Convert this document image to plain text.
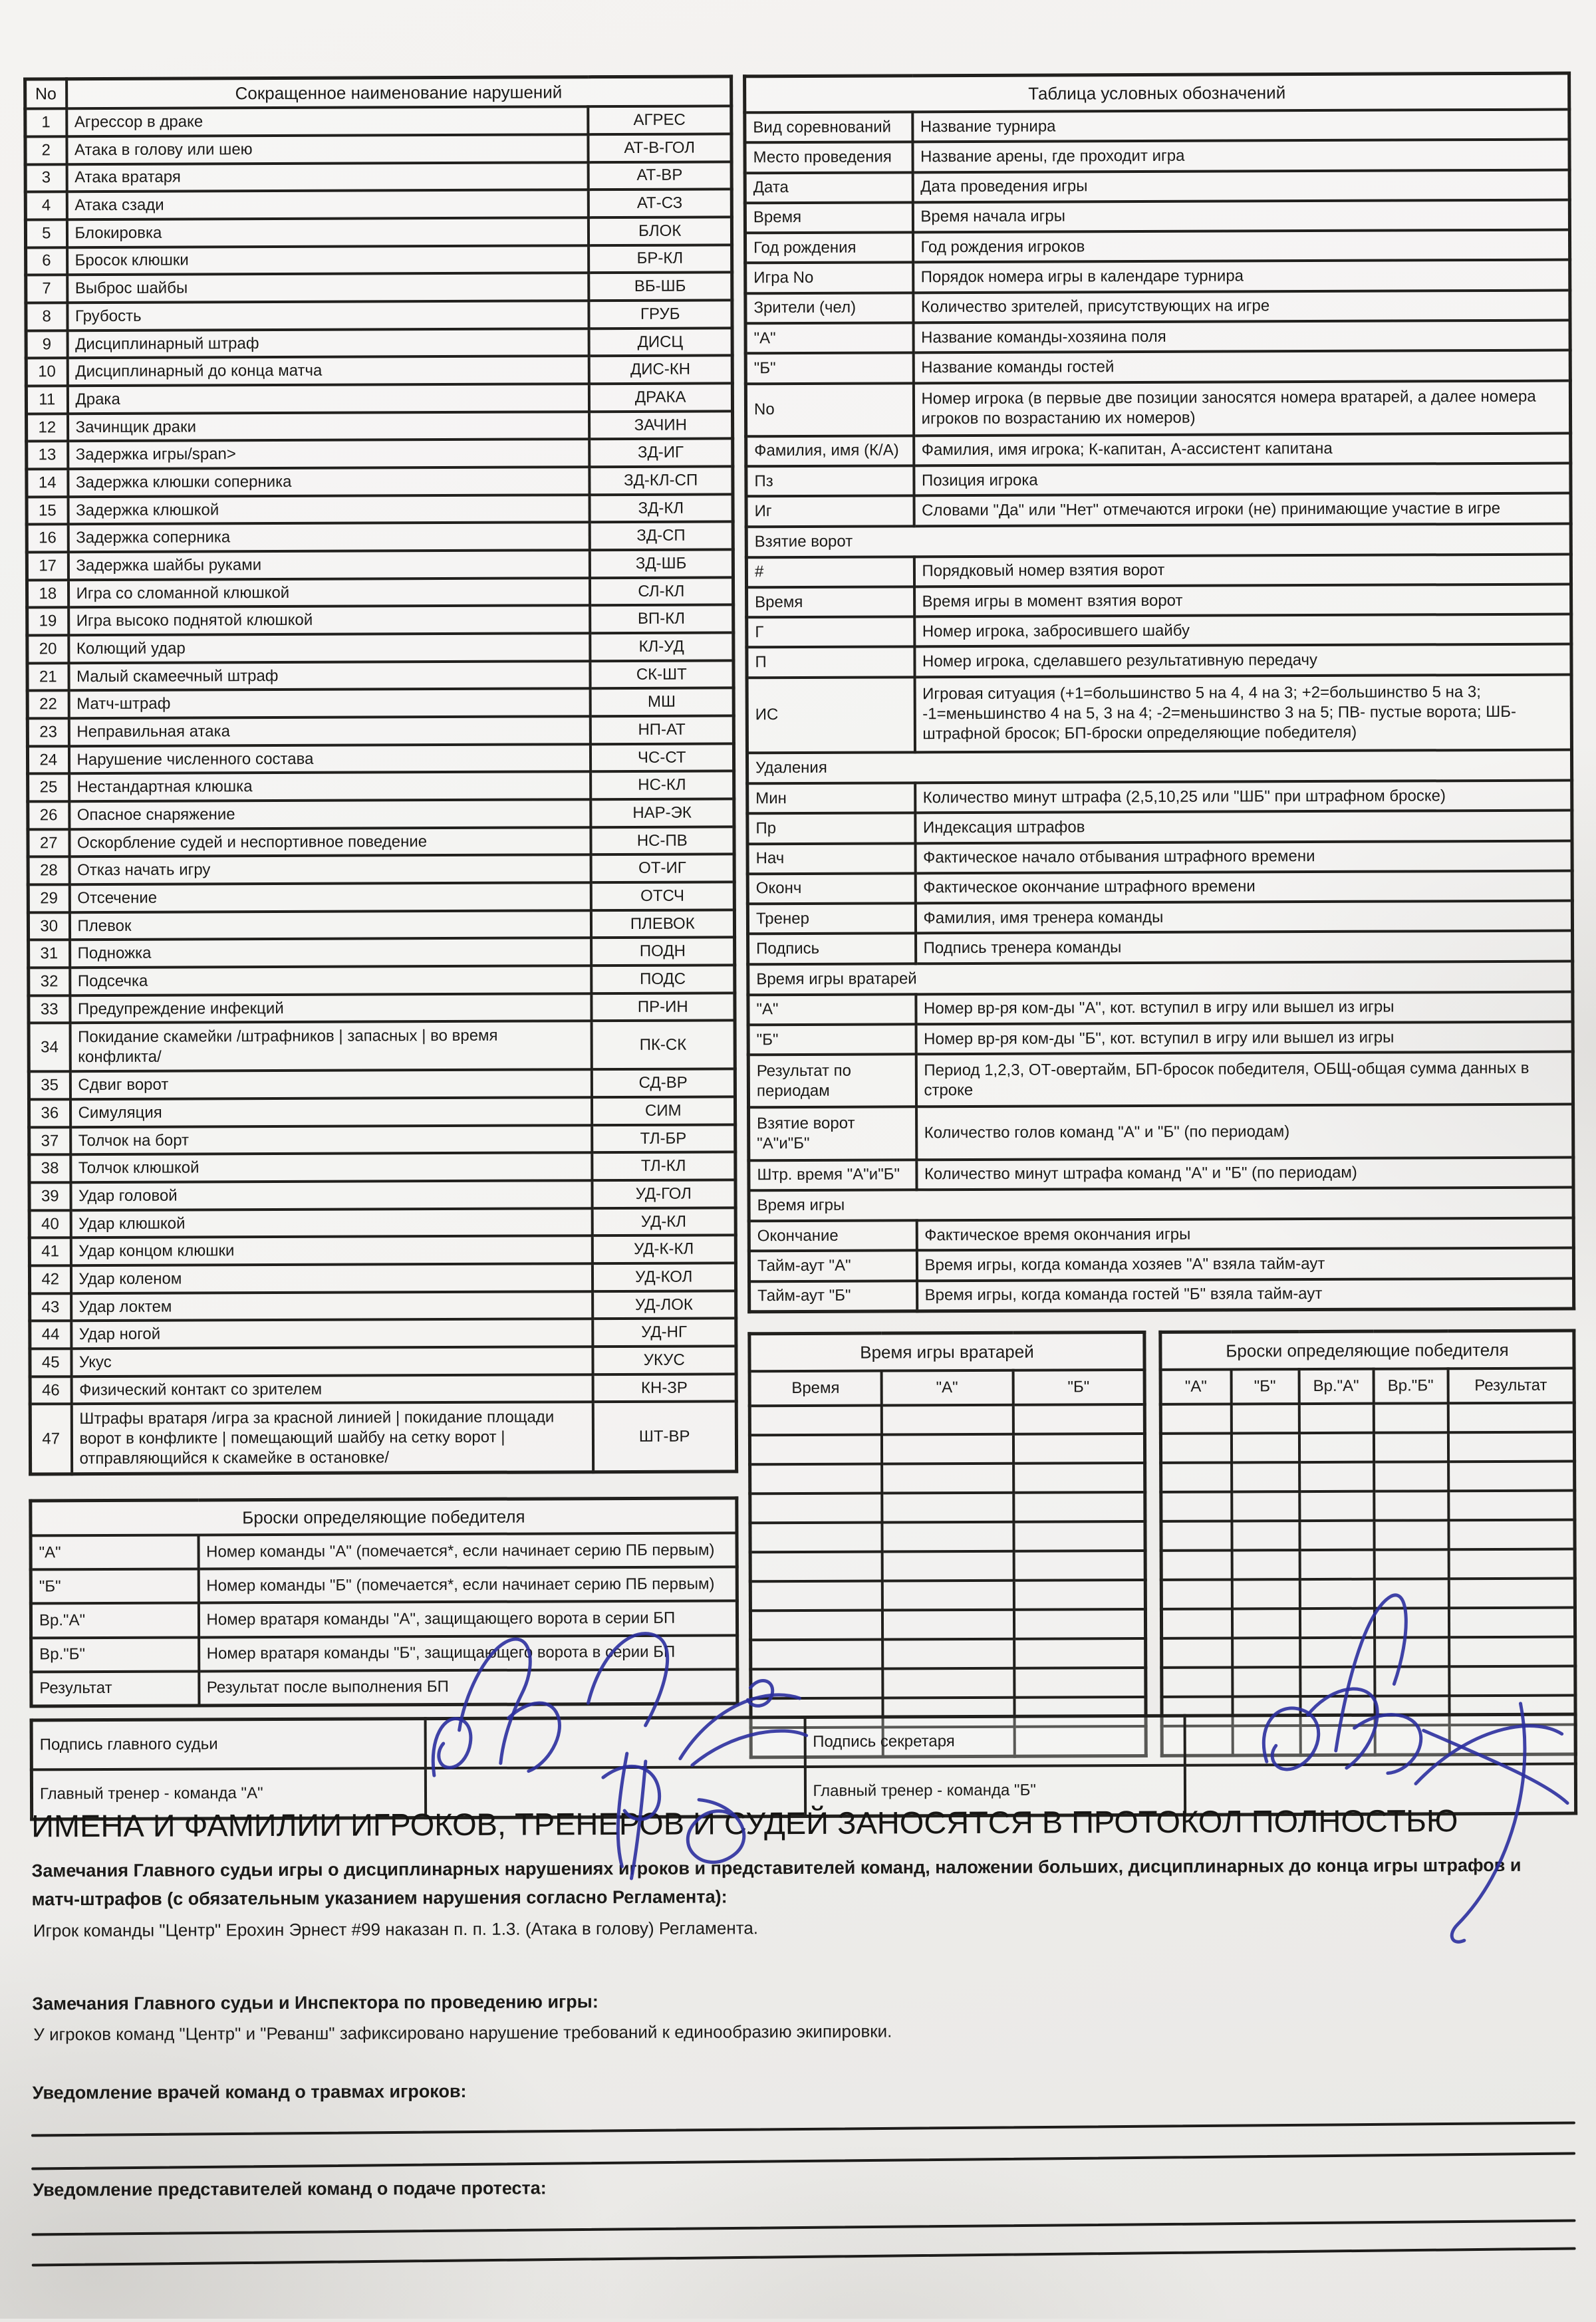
No	Сокращенное наименование нарушений	
1	Агрессор в драке	АГРЕС
2	Атака в голову или шею	АТ-В-ГОЛ
3	Атака вратаря	АТ-ВР
4	Атака сзади	АТ-СЗ
5	Блокировка	БЛОК
6	Бросок клюшки	БР-КЛ
7	Выброс шайбы	ВБ-ШБ
8	Грубость	ГРУБ
9	Дисциплинарный штраф	ДИСЦ
10	Дисциплинарный до конца матча	ДИС-КН
11	Драка	ДРАКА
12	Зачинщик драки	ЗАЧИН
13	Задержка игры/span>	ЗД-ИГ
14	Задержка клюшки соперника	ЗД-КЛ-СП
15	Задержка клюшкой	ЗД-КЛ
16	Задержка соперника	ЗД-СП
17	Задержка шайбы руками	ЗД-ШБ
18	Игра со сломанной клюшкой	СЛ-КЛ
19	Игра высоко поднятой клюшкой	ВП-КЛ
20	Колющий удар	КЛ-УД
21	Малый скамеечный штраф	СК-ШТ
22	Матч-штраф	МШ
23	Неправильная атака	НП-АТ
24	Нарушение численного состава	ЧС-СТ
25	Нестандартная клюшка	НС-КЛ
26	Опасное снаряжение	НАР-ЭК
27	Оскорбление судей и неспортивное поведение	НС-ПВ
28	Отказ начать игру	ОТ-ИГ
29	Отсечение	ОТСЧ
30	Плевок	ПЛЕВОК
31	Подножка	ПОДН
32	Подсечка	ПОДС
33	Предупреждение инфекций	ПР-ИН
34	Покидание скамейки /штрафников | запасных | во время конфликта/	ПК-СК
35	Сдвиг ворот	СД-ВР
36	Симуляция	СИМ
37	Толчок на борт	ТЛ-БР
38	Толчок клюшкой	ТЛ-КЛ
39	Удар головой	УД-ГОЛ
40	Удар клюшкой	УД-КЛ
41	Удар концом клюшки	УД-К-КЛ
42	Удар коленом	УД-КОЛ
43	Удар локтем	УД-ЛОК
44	Удар ногой	УД-НГ
45	Укус	УКУС
46	Физический контакт со зрителем	КН-ЗР
47	Штрафы вратаря /игра за красной линией | покидание площади ворот в конфликте | помещающий шайбу на сетку ворот |отправляющийся к скамейке в остановке/	ШТ-ВР
Таблица условных обозначений	
Вид соревнований	Название турнира
Место проведения	Название арены, где проходит игра
Дата	Дата проведения игры
Время	Время начала игры
Год рождения	Год рождения игроков
Игра No	Порядок номера игры в календаре турнира
Зрители (чел)	Количество зрителей, присутствующих на игре
"А"	Название команды-хозяина поля
"Б"	Название команды гостей
No	Номер игрока (в первые две позиции заносятся номера вратарей, а далее номера игроков по возрастанию их номеров)
Фамилия, имя (К/А)	Фамилия, имя игрока; К-капитан, А-ассистент капитана
Пз	Позиция игрока
Иг	Словами "Да" или "Нет" отмечаются игроки (не) принимающие участие в игре
Взятие ворот	
#	Порядковый номер взятия ворот
Время	Время игры в момент взятия ворот
Г	Номер игрока, забросившего шайбу
П	Номер игрока, сделавшего результативную передачу
ИС	Игровая ситуация (+1=большинство 5 на 4, 4 на 3; +2=большинство 5 на 3; -1=меньшинство 4 на 5, 3 на 4; -2=меньшинство 3 на 5; ПВ- пустые ворота; ШБ-штрафной бросок; БП-броски определяющие победителя)
Удаления	
Мин	Количество минут штрафа (2,5,10,25 или "ШБ" при штрафном броске)
Пр	Индексация штрафов
Нач	Фактическое начало отбывания штрафного времени
Оконч	Фактическое окончание штрафного времени
Тренер	Фамилия, имя тренера команды
Подпись	Подпись тренера команды
Время игры вратарей	
"А"	Номер вр-ря ком-ды "А", кот. вступил в игру или вышел из игры
"Б"	Номер вр-ря ком-ды "Б", кот. вступил в игру или вышел из игры
Результат по периодам	Период 1,2,3, ОТ-овертайм, БП-бросок победителя, ОБЩ-общая сумма данных в строке
Взятие ворот "А"и"Б"	Количество голов команд "А" и "Б" (по периодам)
Штр. время "А"и"Б"	Количество минут штрафа команд "А" и "Б" (по периодам)
Время игры	
Окончание	Фактическое время окончания игры
Тайм-аут "А"	Время игры, когда команда хозяев "А" взяла тайм-аут
Тайм-аут "Б"	Время игры, когда команда гостей "Б" взяла тайм-аут
Время игры вратарей		
Время	"А"	"Б"

Броски определяющие победителя				
"А"	"Б"	Вр."А"	Вр."Б"	Результат

Броски определяющие победителя	
"А"	Номер команды "А" (помечается*, если начинает серию ПБ первым)
"Б"	Номер команды "Б" (помечается*, если начинает серию ПБ первым)
Вр."А"	Номер вратаря команды "А", защищающего ворота в серии БП
Вр."Б"	Номер вратаря команды "Б", защищающего ворота в серии БП
Результат	Результат после выполнения БП
Подпись главного судьи		Подпись секретаря	
Главный тренер - команда "А"		Главный тренер - команда "Б"	
ИМЕНА И ФАМИЛИИ ИГРОКОВ, ТРЕНЕРОВ И СУДЕЙ ЗАНОСЯТСЯ В ПРОТОКОЛ ПОЛНОСТЬЮ
Замечания Главного судьи игры о дисциплинарных нарушениях игроков и представителей команд, наложении больших, дисциплинарных до конца игры штрафов и матч-штрафов (с обязательным указанием нарушения согласно Регламента):
Игрок команды "Центр" Ерохин Эрнест #99 наказан п. п. 1.3. (Атака в голову) Регламента.
Замечания Главного судьи и Инспектора по проведению игры:
У игроков команд "Центр" и "Реванш" зафиксировано нарушение требований к единообразию экипировки.
Уведомление врачей команд о травмах игроков:
Уведомление представителей команд о подаче протеста:
